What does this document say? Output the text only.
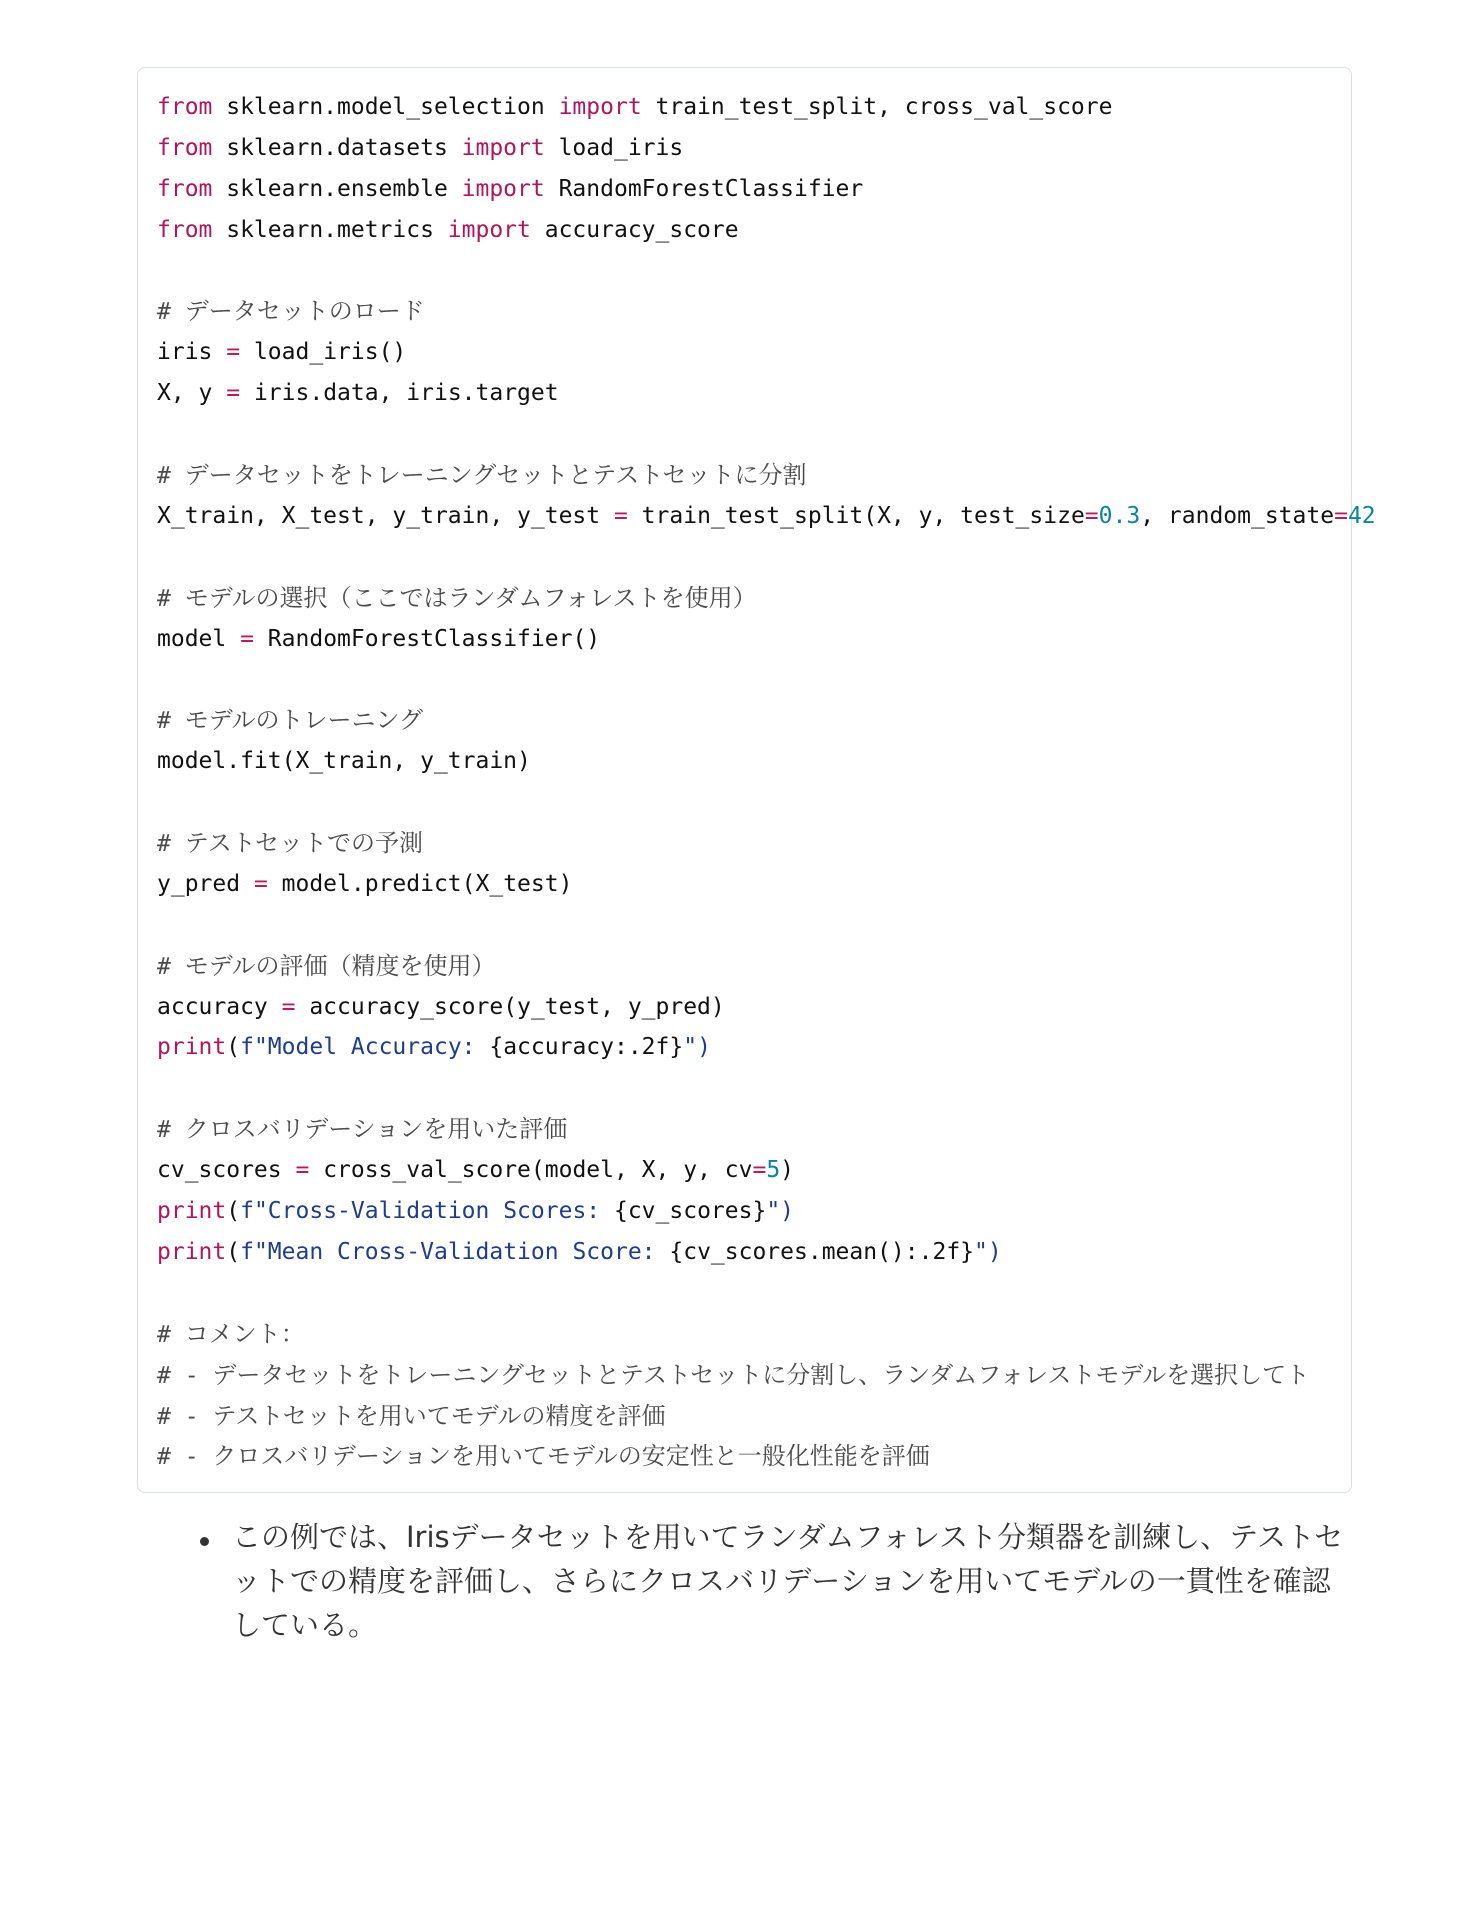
from sklearn.model_selection import train_test_split, cross_val_score
from sklearn.datasets import load_iris
from sklearn.ensemble import RandomForestClassifier
from sklearn.metrics import accuracy_score
# データセットのロード
iris = load_iris()
X, y = iris.data, iris.target
# データセットをトレーニングセットとテストセットに分割
X_train, X_test, y_train, y_test = train_test_split(X, y, test_size=0.3, random_state=42
# モデルの選択（ここではランダムフォレストを使用）
model = RandomForestClassifier()
# モデルのトレーニング
model.fit(X_train, y_train)
# テストセットでの予測
y_pred = model.predict(X_test)
# モデルの評価（精度を使用）
accuracy = accuracy_score(y_test, y_pred)
print(f"Model Accuracy: {accuracy:.2f}")
# クロスバリデーションを用いた評価
cv_scores = cross_val_score(model, X, y, cv=5)
print(f"Cross-Validation Scores: {cv_scores}")
print(f"Mean Cross-Validation Score: {cv_scores.mean():.2f}")
# コメント：
# - データセットをトレーニングセットとテストセットに分割し、ランダムフォレストモデルを選択してト
# - テストセットを用いてモデルの精度を評価
# - クロスバリデーションを用いてモデルの安定性と一般化性能を評価
この例では、Irisデータセットを用いてランダムフォレスト分類器を訓練し、テストセットでの精度を評価し、さらにクロスバリデーションを用いてモデルの一貫性を確認している。
